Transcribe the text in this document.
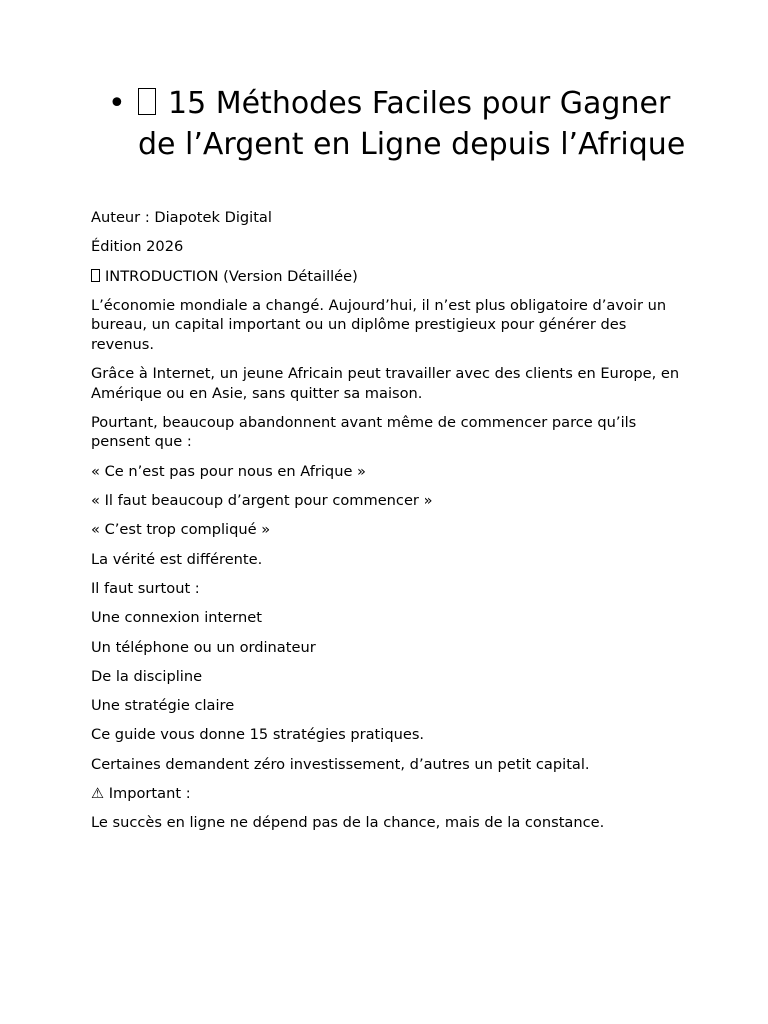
•	15 Méthodes Faciles pour Gagner de l’Argent en Ligne depuis l’Afrique

Auteur : Diapotek Digital

Édition 2026

INTRODUCTION (Version Détaillée)

L’économie mondiale a changé. Aujourd’hui, il n’est plus obligatoire d’avoir un bureau, un capital important ou un diplôme prestigieux pour générer des revenus.

Grâce à Internet, un jeune Africain peut travailler avec des clients en Europe, en Amérique ou en Asie, sans quitter sa maison.

Pourtant, beaucoup abandonnent avant même de commencer parce qu’ils pensent que :

« Ce n’est pas pour nous en Afrique »

« Il faut beaucoup d’argent pour commencer »

« C’est trop compliqué »

La vérité est différente.

Il faut surtout :

Une connexion internet

Un téléphone ou un ordinateur

De la discipline

Une stratégie claire

Ce guide vous donne 15 stratégies pratiques.

Certaines demandent zéro investissement, d’autres un petit capital.

⚠ Important :

Le succès en ligne ne dépend pas de la chance, mais de la constance.
